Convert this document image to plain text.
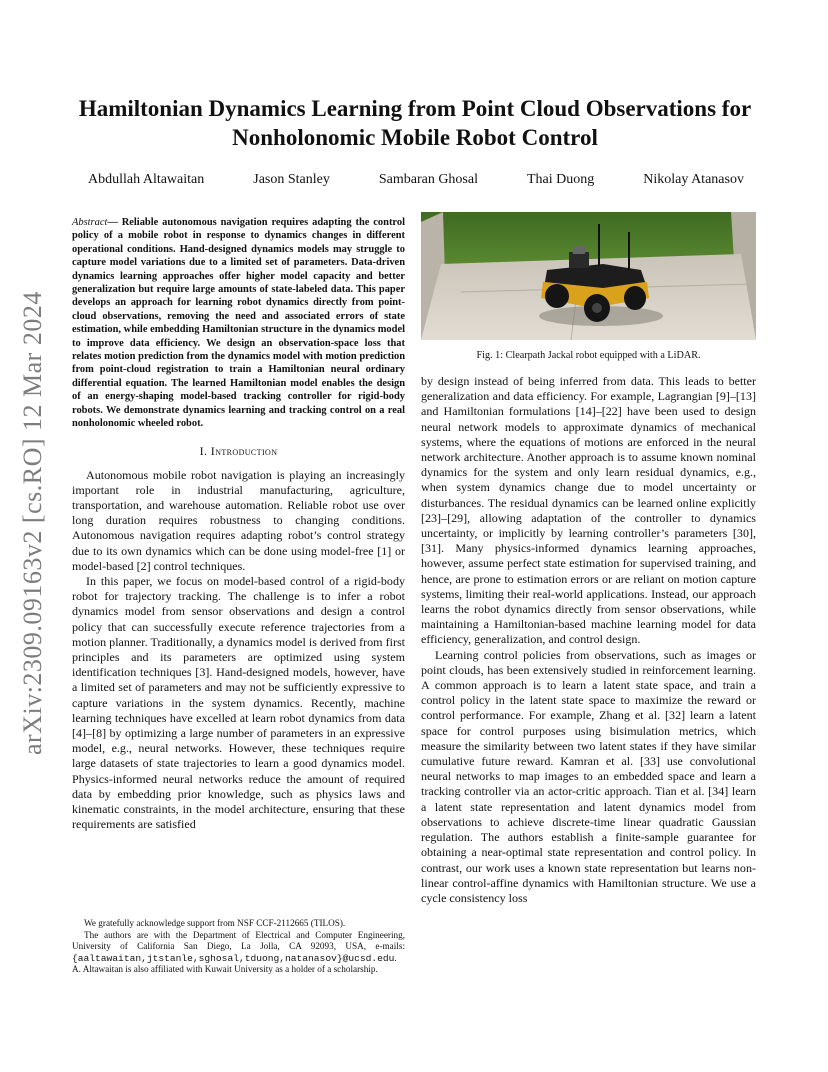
arXiv:2309.09163v2 [cs.RO] 12 Mar 2024
Hamiltonian Dynamics Learning from Point Cloud Observations for
Nonholonomic Mobile Robot Control
Abdullah Altawaitan	Jason Stanley	Sambaran Ghosal	Thai Duong	Nikolay Atanasov

Abstract— Reliable autonomous navigation requires adapting the control policy of a mobile robot in response to dynamics changes in different operational conditions. Hand-designed dynamics models may struggle to capture model variations due to a limited set of parameters. Data-driven dynamics learning approaches offer higher model capacity and better generalization but require large amounts of state-labeled data. This paper develops an approach for learning robot dynamics directly from point-cloud observations, removing the need and associated errors of state estimation, while embedding Hamiltonian structure in the dynamics model to improve data efficiency. We design an observation-space loss that relates motion prediction from the dynamics model with motion prediction from point-cloud registration to train a Hamiltonian neural ordinary differential equation. The learned Hamiltonian model enables the design of an energy-shaping model-based tracking controller for rigid-body robots. We demonstrate dynamics learning and tracking control on a real nonholonomic wheeled robot.

I. Introduction

Autonomous mobile robot navigation is playing an increasingly important role in industrial manufacturing, agriculture, transportation, and warehouse automation. Reliable robot use over long duration requires robustness to changing conditions. Autonomous navigation requires adapting robot’s control strategy due to its own dynamics which can be done using model-free [1] or model-based [2] control techniques.

In this paper, we focus on model-based control of a rigid-body robot for trajectory tracking. The challenge is to infer a robot dynamics model from sensor observations and design a control policy that can successfully execute reference trajectories from a motion planner. Traditionally, a dynamics model is derived from first principles and its parameters are optimized using system identification techniques [3]. Hand-designed models, however, have a limited set of parameters and may not be sufficiently expressive to capture variations in the system dynamics. Recently, machine learning techniques have excelled at learn robot dynamics from data [4]–[8] by optimizing a large number of parameters in an expressive model, e.g., neural networks. However, these techniques require large datasets of state trajectories to learn a good dynamics model. Physics-informed neural networks reduce the amount of required data by embedding prior knowledge, such as physics laws and kinematic constraints, in the model architecture, ensuring that these requirements are satisfied

We gratefully acknowledge support from NSF CCF-2112665 (TILOS).

The authors are with the Department of Electrical and Computer Engineering, University of California San Diego, La Jolla, CA 92093, USA, e-mails: {aaltawaitan,jtstanle,sghosal,tduong,natanasov}@ucsd.edu. A. Altawaitan is also affiliated with Kuwait University as a holder of a scholarship.

Fig. 1: Clearpath Jackal robot equipped with a LiDAR.

by design instead of being inferred from data. This leads to better generalization and data efficiency. For example, Lagrangian [9]–[13] and Hamiltonian formulations [14]–[22] have been used to design neural network models to approximate dynamics of mechanical systems, where the equations of motions are enforced in the neural network architecture. Another approach is to assume known nominal dynamics for the system and only learn residual dynamics, e.g., when system dynamics change due to model uncertainty or disturbances. The residual dynamics can be learned online explicitly [23]–[29], allowing adaptation of the controller to dynamics uncertainty, or implicitly by learning controller’s parameters [30], [31]. Many physics-informed dynamics learning approaches, however, assume perfect state estimation for supervised training, and hence, are prone to estimation errors or are reliant on motion capture systems, limiting their real-world applications. Instead, our approach learns the robot dynamics directly from sensor observations, while maintaining a Hamiltonian-based machine learning model for data efficiency, generalization, and control design.

Learning control policies from observations, such as images or point clouds, has been extensively studied in reinforcement learning. A common approach is to learn a latent state space, and train a control policy in the latent state space to maximize the reward or control performance. For example, Zhang et al. [32] learn a latent space for control purposes using bisimulation metrics, which measure the similarity between two latent states if they have similar cumulative future reward. Kamran et al. [33] use convolutional neural networks to map images to an embedded space and learn a tracking controller via an actor-critic approach. Tian et al. [34] learn a latent state representation and latent dynamics model from observations to achieve discrete-time linear quadratic Gaussian regulation. The authors establish a finite-sample guarantee for obtaining a near-optimal state representation and control policy. In contrast, our work uses a known state representation but learns non-linear control-affine dynamics with Hamiltonian structure. We use a cycle consistency loss
